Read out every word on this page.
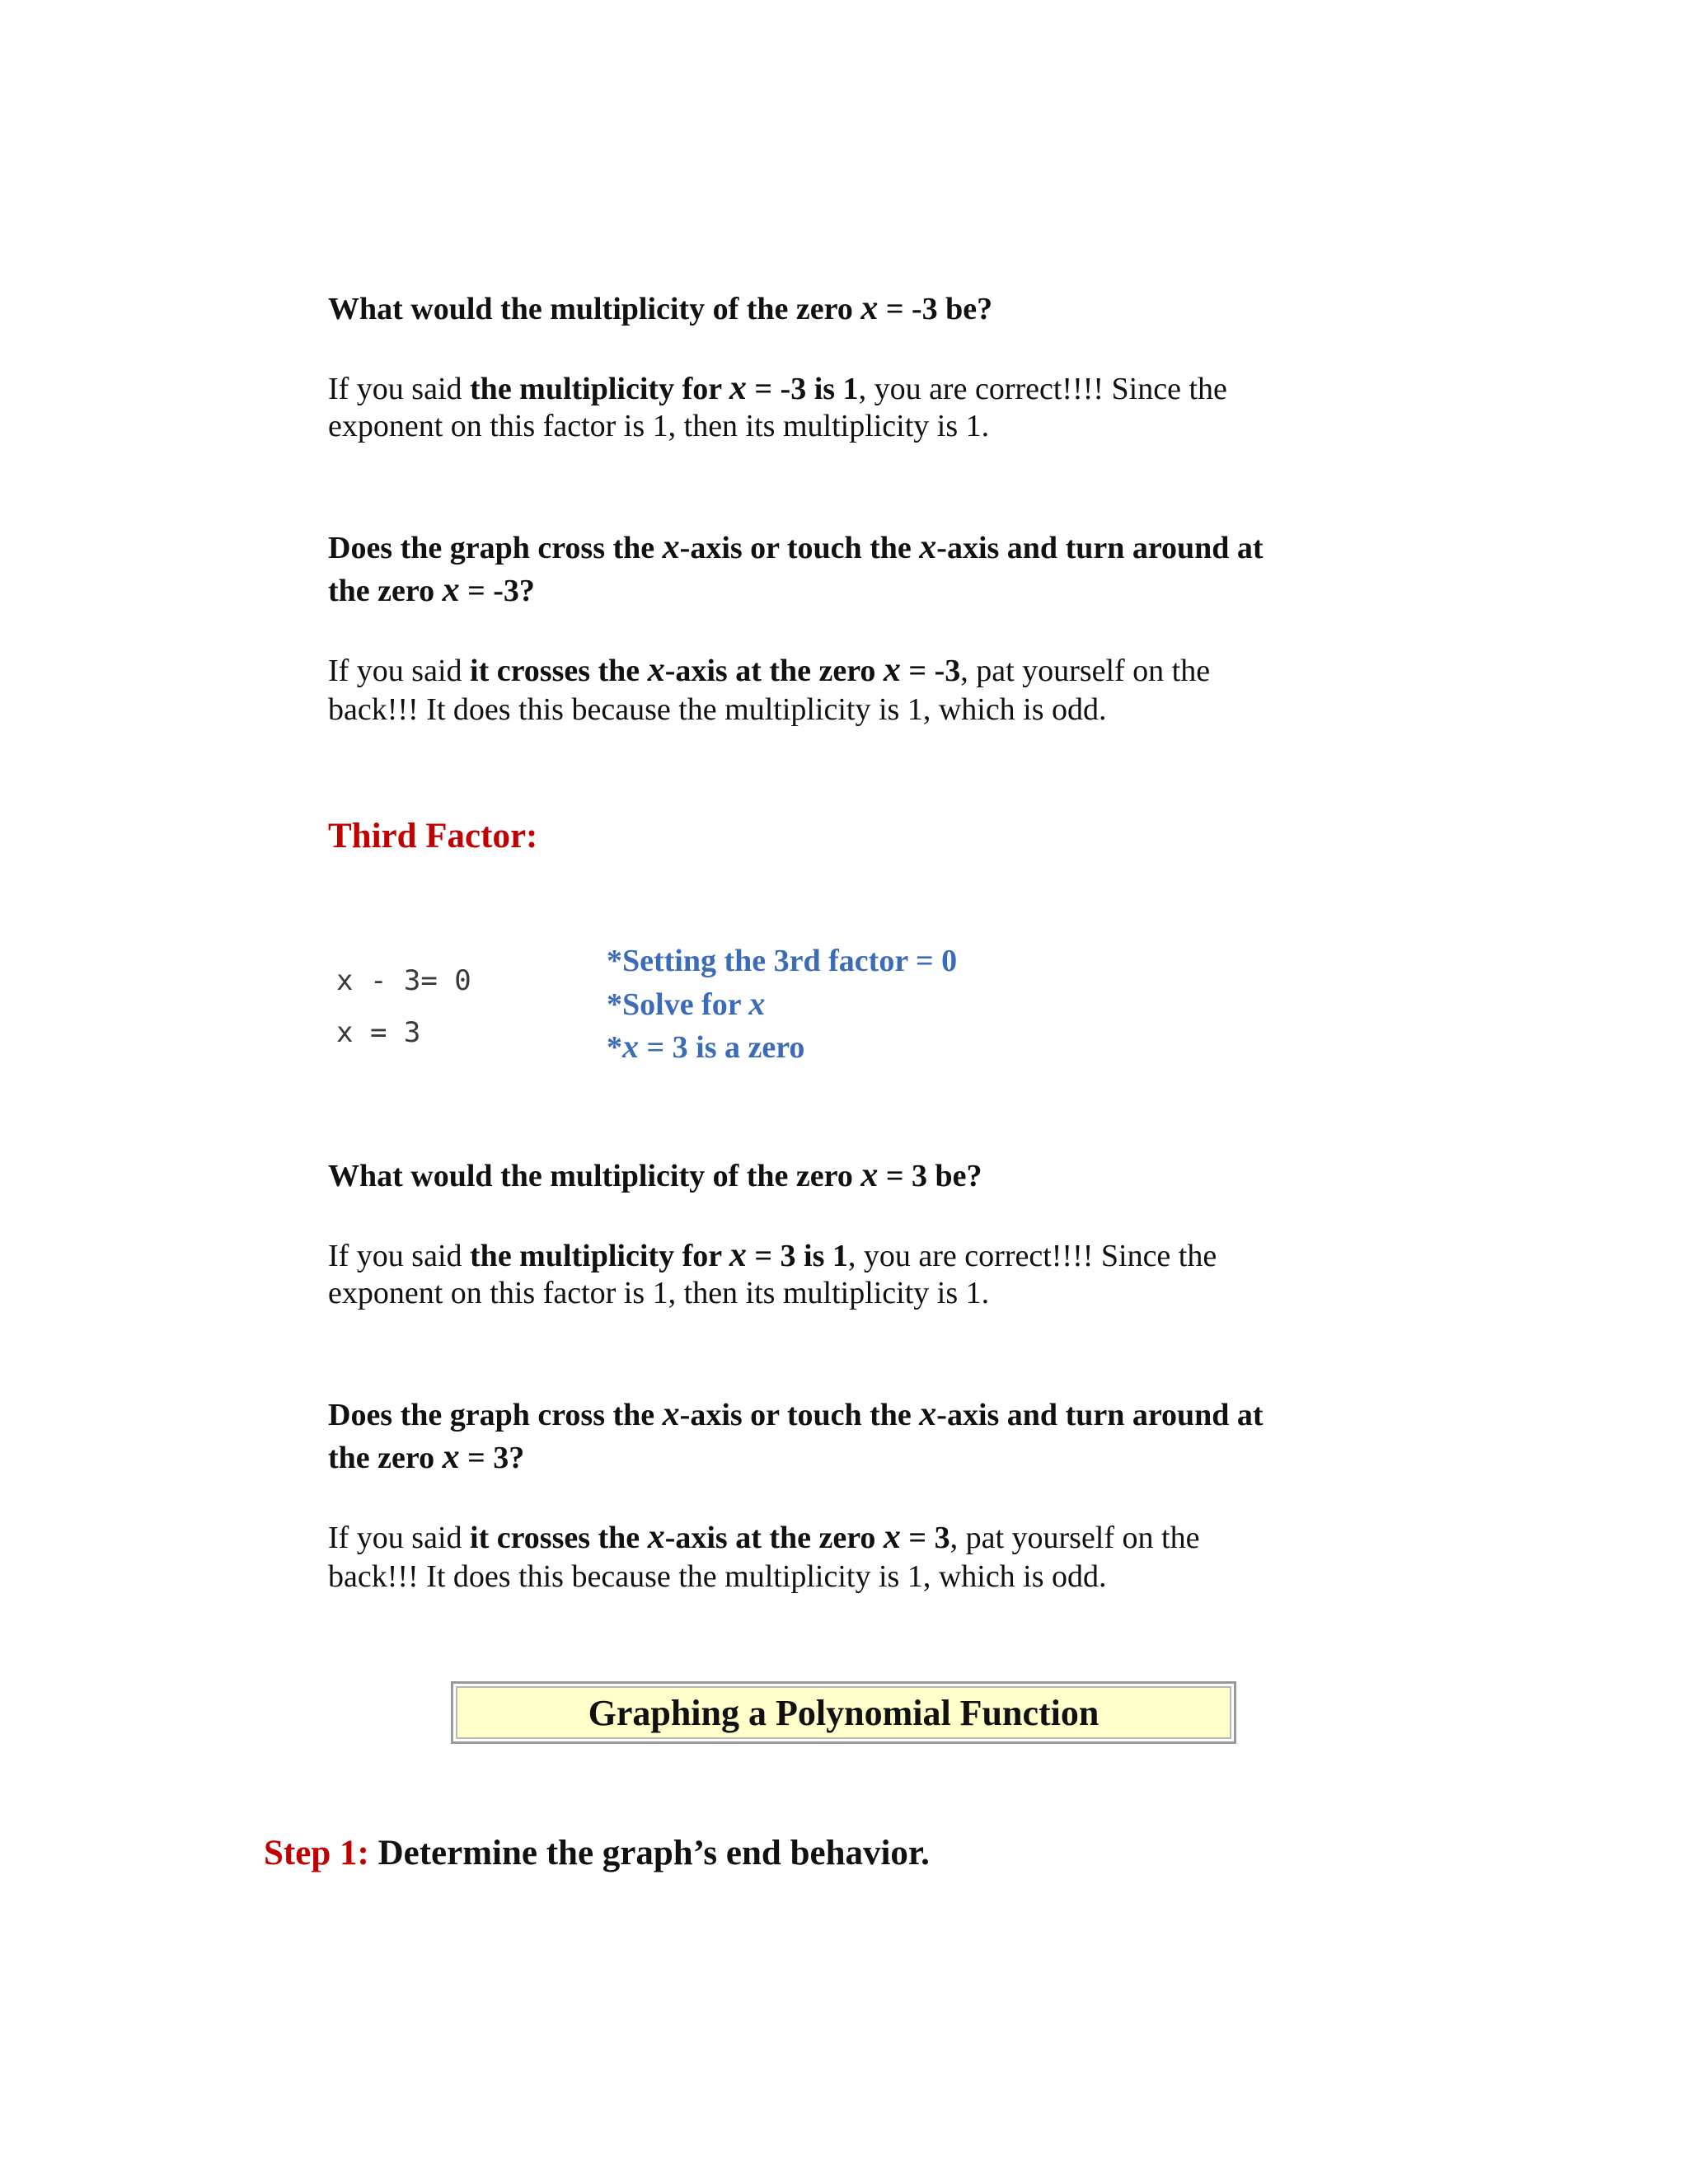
What would the multiplicity of the zero x = -3 be?
If you said the multiplicity for x = -3 is 1, you are correct!!!! Since the
exponent on this factor is 1, then its multiplicity is 1.
Does the graph cross the x-axis or touch the x-axis and turn around at
the zero x = -3?
If you said it crosses the x-axis at the zero x = -3, pat yourself on the
back!!! It does this because the multiplicity is 1, which is odd.
Third Factor:
x - 3= 0
x = 3
*Setting the 3rd factor = 0
*Solve for x
*x = 3 is a zero
What would the multiplicity of the zero x = 3 be?
If you said the multiplicity for x = 3 is 1, you are correct!!!! Since the
exponent on this factor is 1, then its multiplicity is 1.
Does the graph cross the x-axis or touch the x-axis and turn around at
the zero x = 3?
If you said it crosses the x-axis at the zero x = 3, pat yourself on the
back!!! It does this because the multiplicity is 1, which is odd.
Graphing a Polynomial Function
Step 1: Determine the graph’s end behavior.
